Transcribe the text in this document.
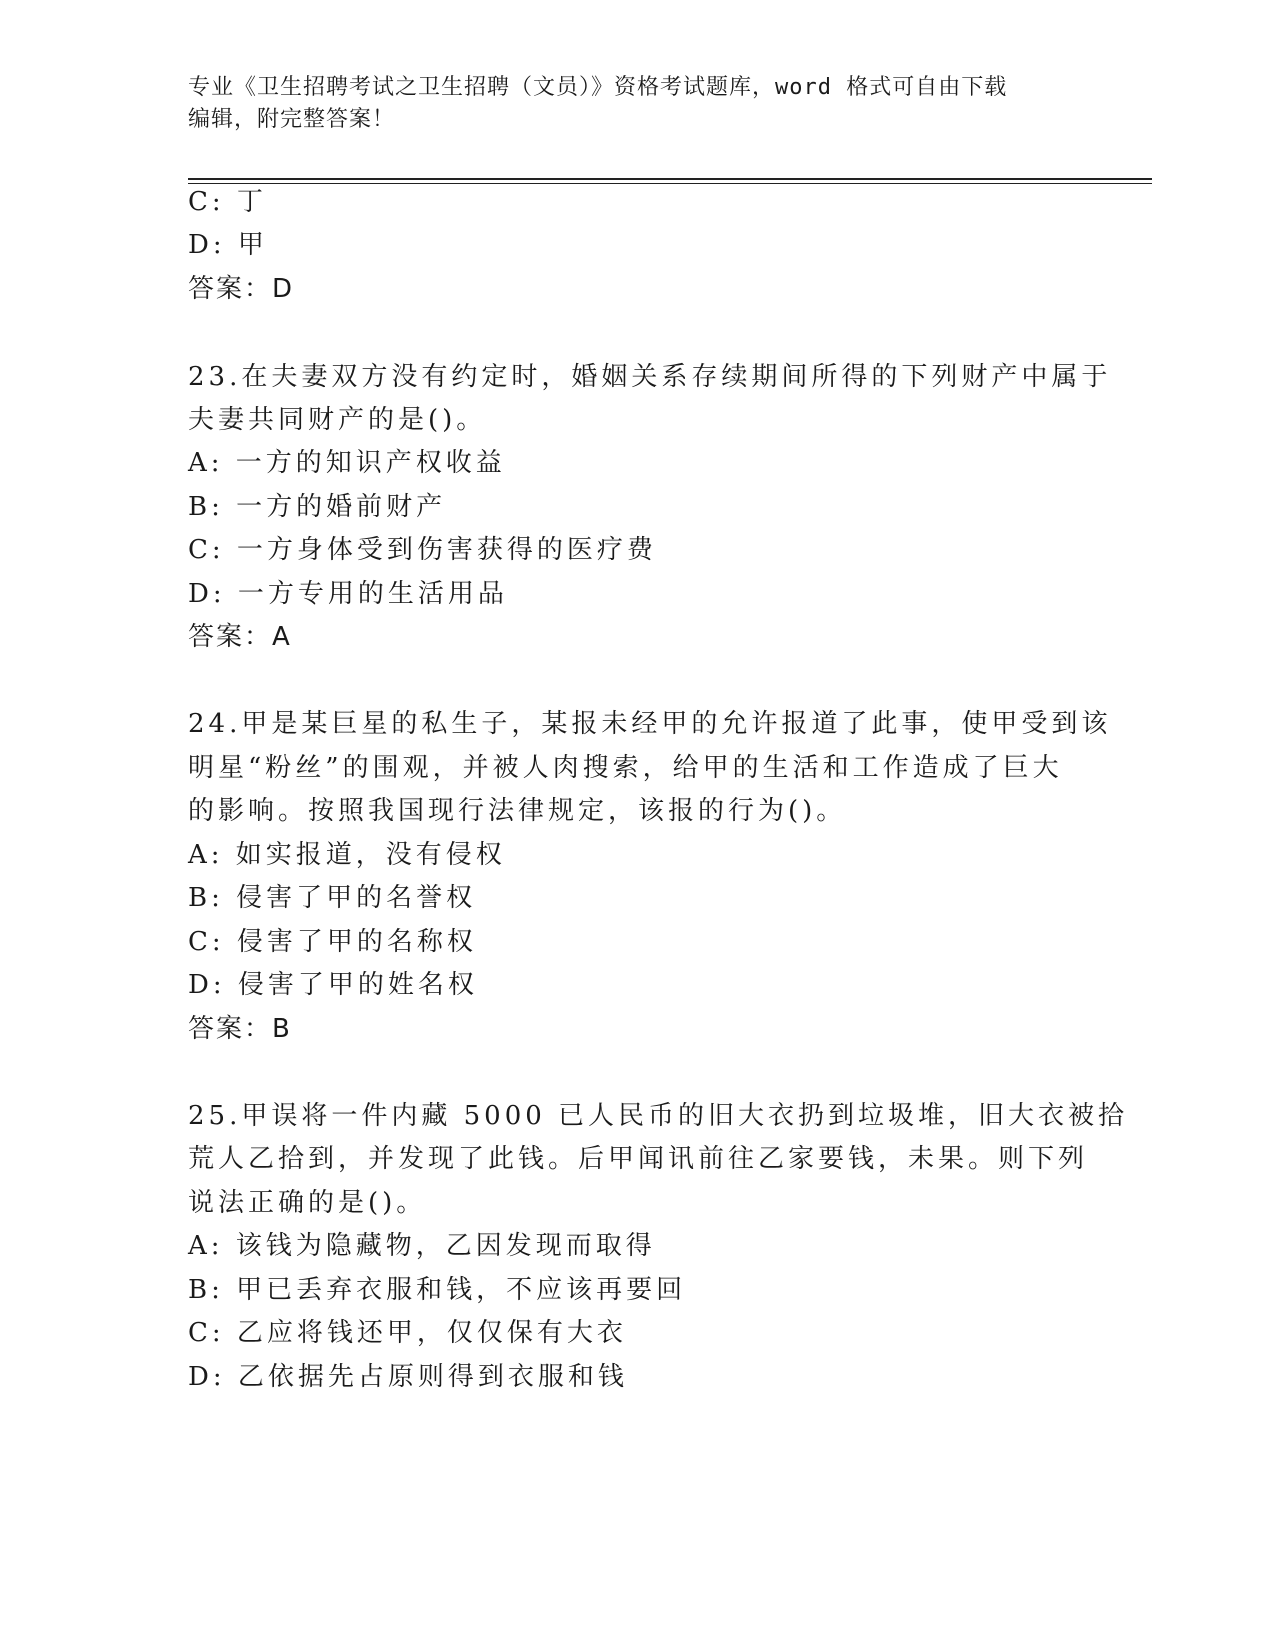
专业《卫生招聘考试之卫生招聘（文员）》资格考试题库，word 格式可自由下载
编辑，附完整答案！
C: 丁
D: 甲
答案：D
23.在夫妻双方没有约定时，婚姻关系存续期间所得的下列财产中属于
夫妻共同财产的是()。
A: 一方的知识产权收益
B: 一方的婚前财产
C: 一方身体受到伤害获得的医疗费
D: 一方专用的生活用品
答案：A
24.甲是某巨星的私生子，某报未经甲的允许报道了此事，使甲受到该
明星“粉丝”的围观，并被人肉搜索，给甲的生活和工作造成了巨大
的影响。按照我国现行法律规定，该报的行为()。
A: 如实报道，没有侵权
B: 侵害了甲的名誉权
C: 侵害了甲的名称权
D: 侵害了甲的姓名权
答案：B
25.甲误将一件内藏 5000 已人民币的旧大衣扔到垃圾堆，旧大衣被拾
荒人乙拾到，并发现了此钱。后甲闻讯前往乙家要钱，未果。则下列
说法正确的是()。
A: 该钱为隐藏物，乙因发现而取得
B: 甲已丢弃衣服和钱，不应该再要回
C: 乙应将钱还甲，仅仅保有大衣
D: 乙依据先占原则得到衣服和钱
